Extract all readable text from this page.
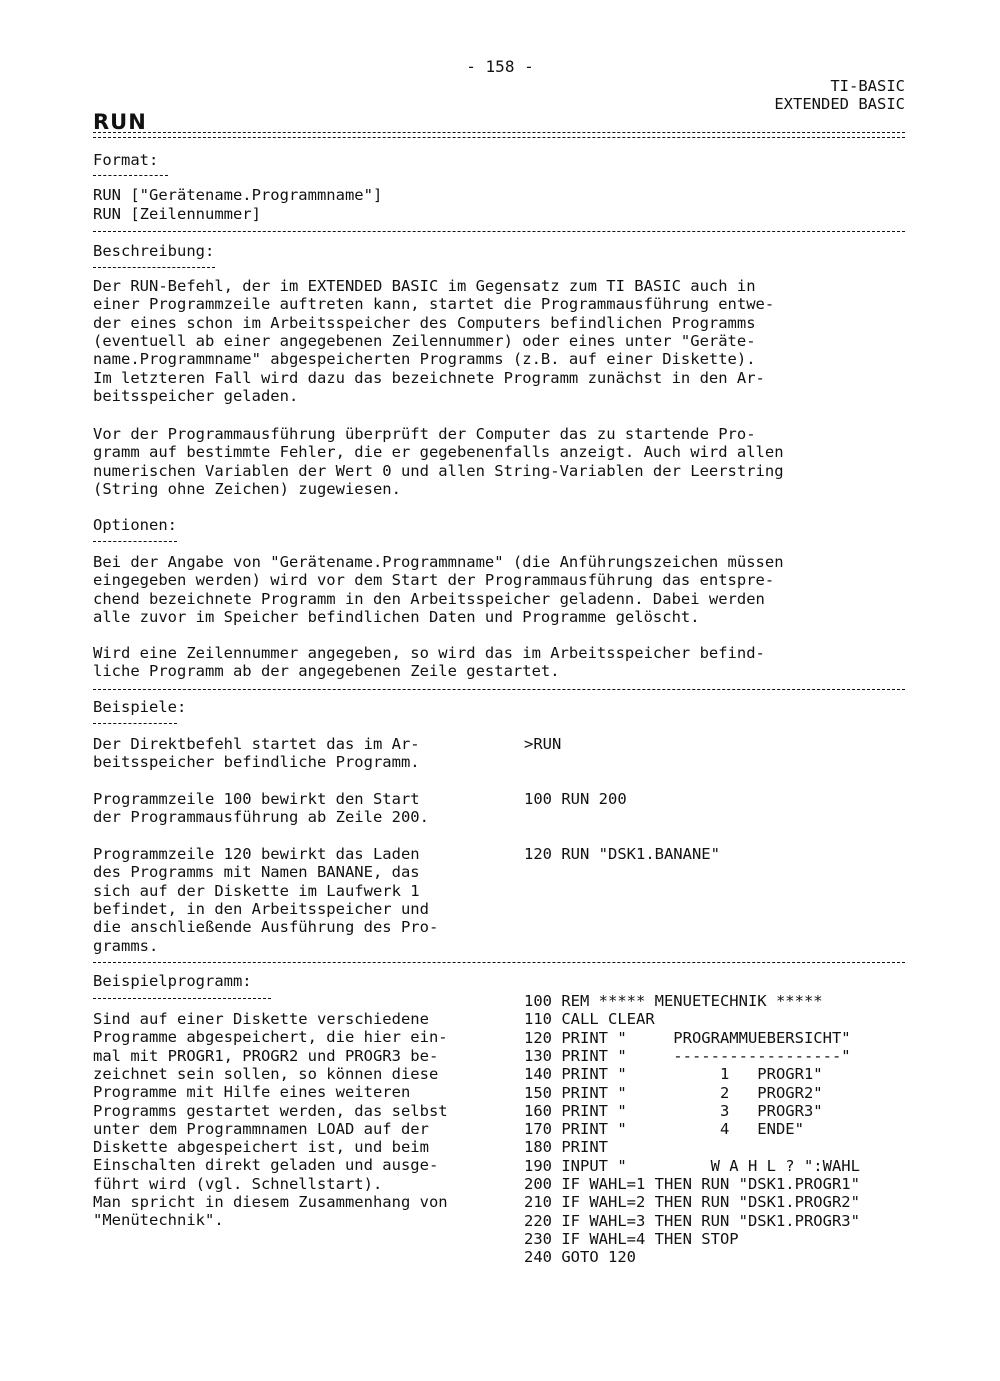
- 158 -
TI-BASIC
EXTENDED BASIC
RUN
Format:
RUN ["Gerätename.Programmname"]
RUN [Zeilennummer]
Beschreibung:
Der RUN-Befehl, der im EXTENDED BASIC im Gegensatz zum TI BASIC auch in
einer Programmzeile auftreten kann, startet die Programmausführung entwe-
der eines schon im Arbeitsspeicher des Computers befindlichen Programms
(eventuell ab einer angegebenen Zeilennummer) oder eines unter "Geräte-
name.Programmname" abgespeicherten Programms (z.B. auf einer Diskette).
Im letzteren Fall wird dazu das bezeichnete Programm zunächst in den Ar-
beitsspeicher geladen.
Vor der Programmausführung überprüft der Computer das zu startende Pro-
gramm auf bestimmte Fehler, die er gegebenenfalls anzeigt. Auch wird allen
numerischen Variablen der Wert 0 und allen String-Variablen der Leerstring
(String ohne Zeichen) zugewiesen.
Optionen:
Bei der Angabe von "Gerätename.Programmname" (die Anführungszeichen müssen
eingegeben werden) wird vor dem Start der Programmausführung das entspre-
chend bezeichnete Programm in den Arbeitsspeicher geladenn. Dabei werden
alle zuvor im Speicher befindlichen Daten und Programme gelöscht.
Wird eine Zeilennummer angegeben, so wird das im Arbeitsspeicher befind-
liche Programm ab der angegebenen Zeile gestartet.
Beispiele:
Der Direktbefehl startet das im Ar-
beitsspeicher befindliche Programm.
>RUN
Programmzeile 100 bewirkt den Start
der Programmausführung ab Zeile 200.
100 RUN 200
Programmzeile 120 bewirkt das Laden
des Programms mit Namen BANANE, das
sich auf der Diskette im Laufwerk 1
befindet, in den Arbeitsspeicher und
die anschließende Ausführung des Pro-
gramms.
120 RUN "DSK1.BANANE"
Beispielprogramm:
Sind auf einer Diskette verschiedene
Programme abgespeichert, die hier ein-
mal mit PROGR1, PROGR2 und PROGR3 be-
zeichnet sein sollen, so können diese
Programme mit Hilfe eines weiteren
Programms gestartet werden, das selbst
unter dem Programmnamen LOAD auf der
Diskette abgespeichert ist, und beim
Einschalten direkt geladen und ausge-
führt wird (vgl. Schnellstart).
Man spricht in diesem Zusammenhang von
"Menütechnik".
100 REM ***** MENUETECHNIK *****
110 CALL CLEAR
120 PRINT "     PROGRAMMUEBERSICHT"
130 PRINT "     ------------------"
140 PRINT "          1   PROGR1"
150 PRINT "          2   PROGR2"
160 PRINT "          3   PROGR3"
170 PRINT "          4   ENDE"
180 PRINT
190 INPUT "         W A H L ? ":WAHL
200 IF WAHL=1 THEN RUN "DSK1.PROGR1"
210 IF WAHL=2 THEN RUN "DSK1.PROGR2"
220 IF WAHL=3 THEN RUN "DSK1.PROGR3"
230 IF WAHL=4 THEN STOP
240 GOTO 120
